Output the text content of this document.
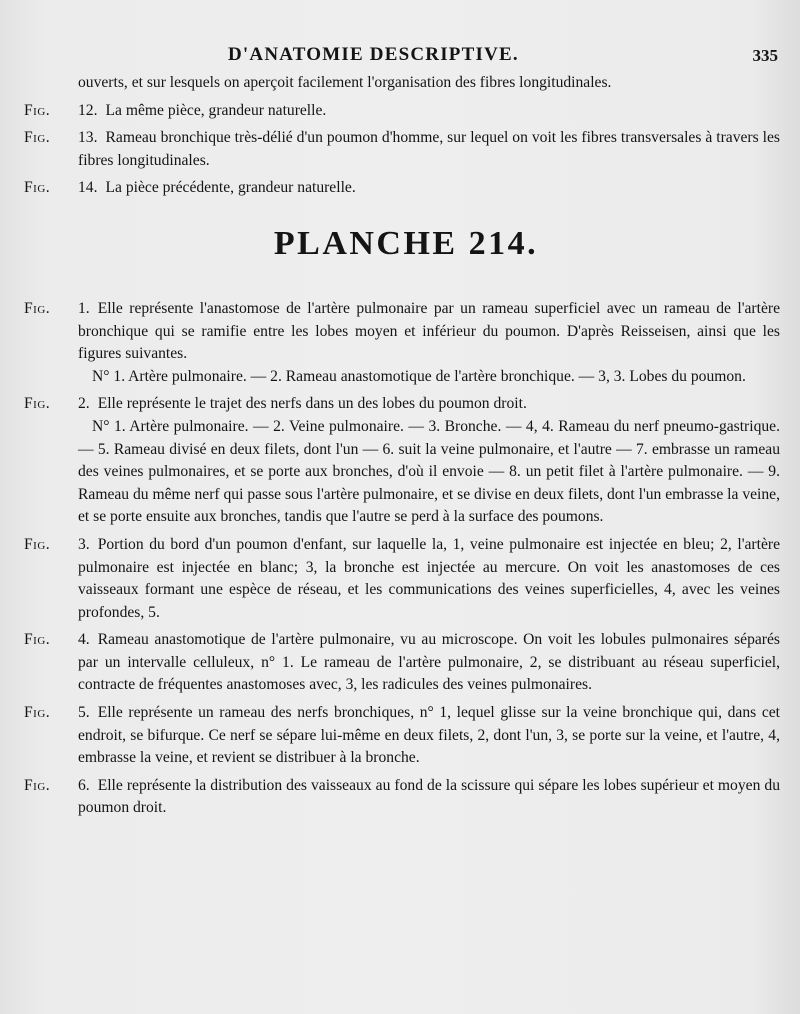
D'ANATOMIE DESCRIPTIVE.	335
ouverts, et sur lesquels on aperçoit facilement l'organisation des fibres longitudinales.
Fig.	12. La même pièce, grandeur naturelle.

Fig.	13. Rameau bronchique très-délié d'un poumon d'homme, sur lequel on voit les fibres transversales à travers les fibres longitudinales.

Fig.	14. La pièce précédente, grandeur naturelle.

PLANCHE 214.
Fig.	1. Elle représente l'anastomose de l'artère pulmonaire par un rameau superficiel avec un rameau de l'artère bronchique qui se ramifie entre les lobes moyen et inférieur du poumon. D'après Reisseisen, ainsi que les figures suivantes.

N° 1. Artère pulmonaire. — 2. Rameau anastomotique de l'artère bronchique. — 3, 3. Lobes du poumon.

Fig.	2. Elle représente le trajet des nerfs dans un des lobes du poumon droit.

N° 1. Artère pulmonaire. — 2. Veine pulmonaire. — 3. Bronche. — 4, 4. Rameau du nerf pneumo-gastrique. — 5. Rameau divisé en deux filets, dont l'un — 6. suit la veine pulmonaire, et l'autre — 7. embrasse un rameau des veines pulmonaires, et se porte aux bronches, d'où il envoie — 8. un petit filet à l'artère pulmonaire. — 9. Rameau du même nerf qui passe sous l'artère pulmonaire, et se divise en deux filets, dont l'un embrasse la veine, et se porte ensuite aux bronches, tandis que l'autre se perd à la surface des poumons.

Fig.	3. Portion du bord d'un poumon d'enfant, sur laquelle la, 1, veine pulmonaire est injectée en bleu; 2, l'artère pulmonaire est injectée en blanc; 3, la bronche est injectée au mercure. On voit les anastomoses de ces vaisseaux formant une espèce de réseau, et les communications des veines superficielles, 4, avec les veines profondes, 5.

Fig.	4. Rameau anastomotique de l'artère pulmonaire, vu au microscope. On voit les lobules pulmonaires séparés par un intervalle celluleux, n° 1. Le rameau de l'artère pulmonaire, 2, se distribuant au réseau superficiel, contracte de fréquentes anastomoses avec, 3, les radicules des veines pulmonaires.

Fig.	5. Elle représente un rameau des nerfs bronchiques, n° 1, lequel glisse sur la veine bronchique qui, dans cet endroit, se bifurque. Ce nerf se sépare lui-même en deux filets, 2, dont l'un, 3, se porte sur la veine, et l'autre, 4, embrasse la veine, et revient se distribuer à la bronche.

Fig.	6. Elle représente la distribution des vaisseaux au fond de la scissure qui sépare les lobes supérieur et moyen du poumon droit.
